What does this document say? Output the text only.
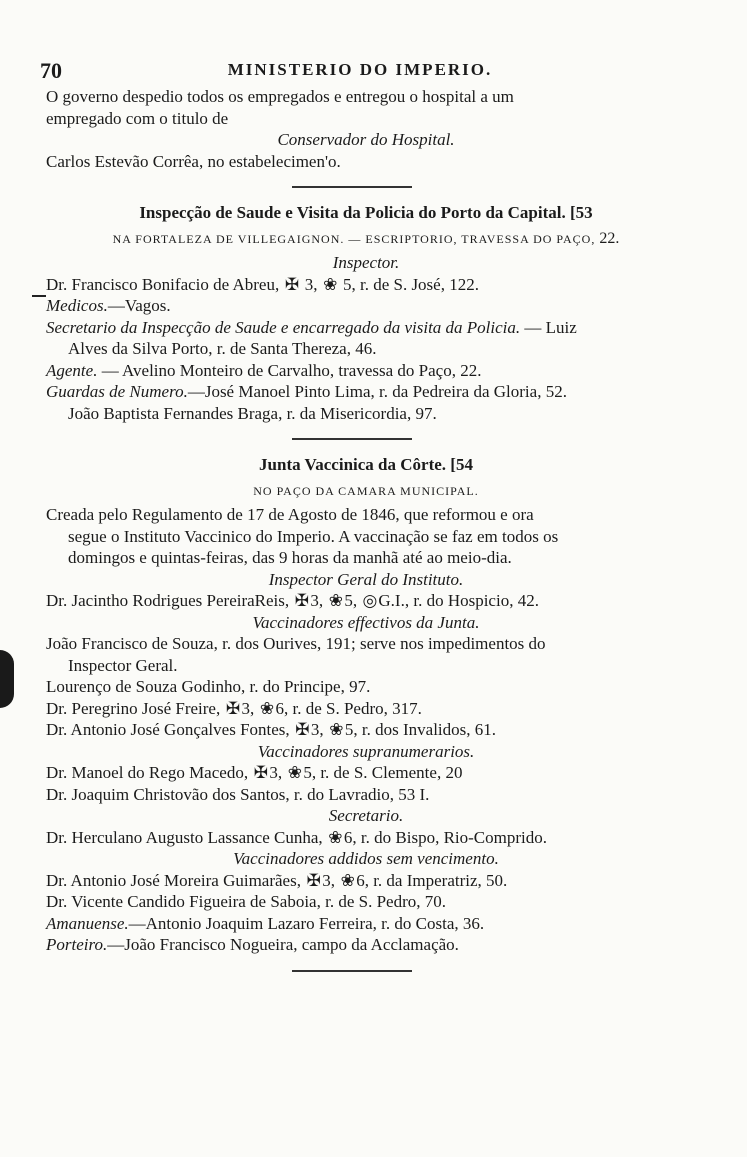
70	MINISTERIO DO IMPERIO.
O governo despedio todos os empregados e entregou o hospital a um
empregado com o titulo de
Conservador do Hospital.
Carlos Estevão Corrêa, no estabelecimen'o.
Inspecção de Saude e Visita da Policia do Porto da Capital. [53
NA FORTALEZA DE VILLEGAIGNON. — ESCRIPTORIO, TRAVESSA DO PAÇO, 22.
Inspector.
Dr. Francisco Bonifacio de Abreu, ✠ 3, ❀ 5, r. de S. José, 122.
Medicos.—Vagos.
Secretario da Inspecção de Saude e encarregado da visita da Policia. — Luiz
Alves da Silva Porto, r. de Santa Thereza, 46.
Agente. — Avelino Monteiro de Carvalho, travessa do Paço, 22.
Guardas de Numero.—José Manoel Pinto Lima, r. da Pedreira da Gloria, 52.
João Baptista Fernandes Braga, r. da Misericordia, 97.
Junta Vaccinica da Côrte. [54
NO PAÇO DA CAMARA MUNICIPAL.
Creada pelo Regulamento de 17 de Agosto de 1846, que reformou e ora
segue o Instituto Vaccinico do Imperio. A vaccinação se faz em todos os
domingos e quintas-feiras, das 9 horas da manhã até ao meio-dia.
Inspector Geral do Instituto.
Dr. Jacintho Rodrigues PereiraReis, ✠3, ❀5, ◎G.I., r. do Hospicio, 42.
Vaccinadores effectivos da Junta.
João Francisco de Souza, r. dos Ourives, 191; serve nos impedimentos do
Inspector Geral.
Lourenço de Souza Godinho, r. do Principe, 97.
Dr. Peregrino José Freire, ✠3, ❀6, r. de S. Pedro, 317.
Dr. Antonio José Gonçalves Fontes, ✠3, ❀5, r. dos Invalidos, 61.
Vaccinadores supranumerarios.
Dr. Manoel do Rego Macedo, ✠3, ❀5, r. de S. Clemente, 20
Dr. Joaquim Christovão dos Santos, r. do Lavradio, 53 I.
Secretario.
Dr. Herculano Augusto Lassance Cunha, ❀6, r. do Bispo, Rio-Comprido.
Vaccinadores addidos sem vencimento.
Dr. Antonio José Moreira Guimarães, ✠3, ❀6, r. da Imperatriz, 50.
Dr. Vicente Candido Figueira de Saboia, r. de S. Pedro, 70.
Amanuense.—Antonio Joaquim Lazaro Ferreira, r. do Costa, 36.
Porteiro.—João Francisco Nogueira, campo da Acclamação.
